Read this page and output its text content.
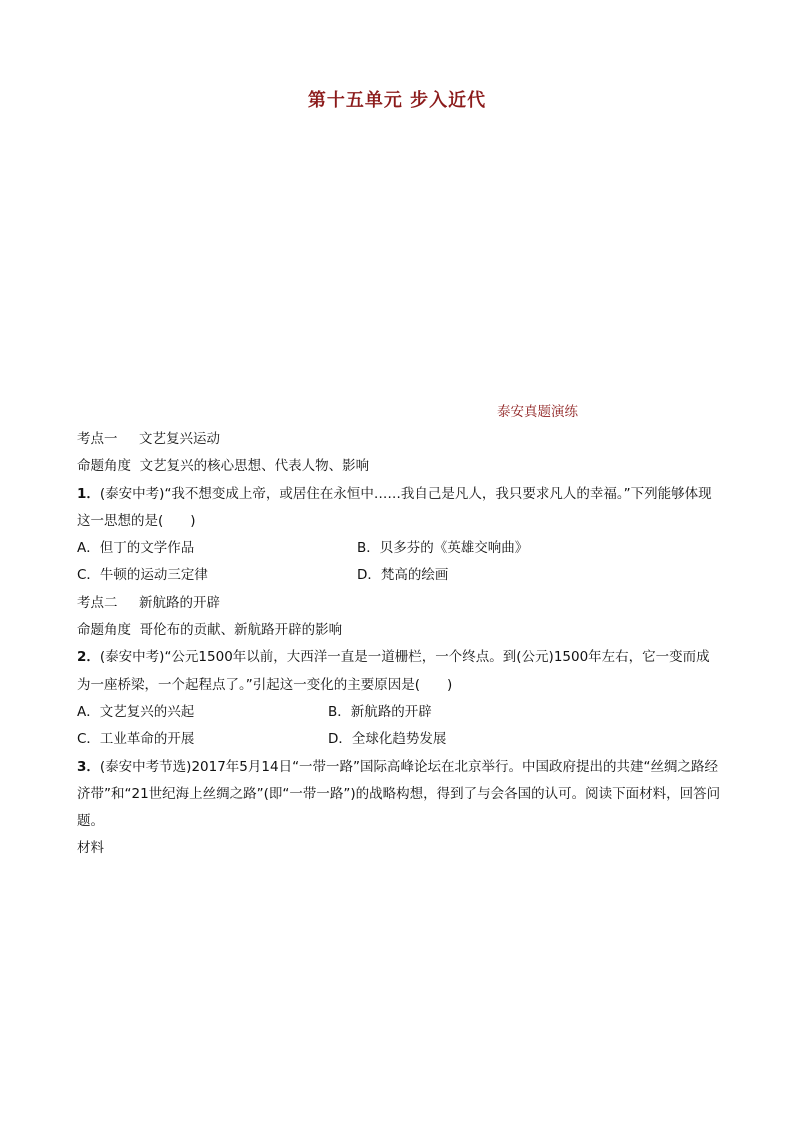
第十五单元 步入近代
泰安真题演练
考点一 文艺复兴运动
命题角度 文艺复兴的核心思想、代表人物、影响
1．(泰安中考)“我不想变成上帝，或居住在永恒中……我自己是凡人，我只要求凡人的幸福。”下列能够体现这一思想的是(　　)
A．但丁的文学作品	B．贝多芬的《英雄交响曲》
C．牛顿的运动三定律	D．梵高的绘画
考点二 新航路的开辟
命题角度 哥伦布的贡献、新航路开辟的影响
2．(泰安中考)“公元1500年以前，大西洋一直是一道栅栏，一个终点。到(公元)1500年左右，它一变而成为一座桥梁，一个起程点了。”引起这一变化的主要原因是(　　)
A．文艺复兴的兴起	B．新航路的开辟
C．工业革命的开展	D．全球化趋势发展
3．(泰安中考节选)2017年5月14日“一带一路”国际高峰论坛在北京举行。中国政府提出的共建“丝绸之路经济带”和“21世纪海上丝绸之路”(即“一带一路”)的战略构想，得到了与会各国的认可。阅读下面材料，回答问题。
材料
